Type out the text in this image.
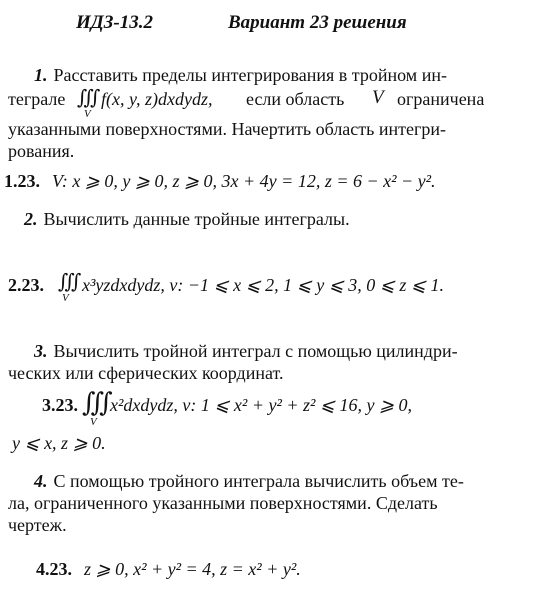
ИДЗ-13.2	Вариант 23 решения
1. Расставить пределы интегрирования в тройном ин-
теграле ∭
V
f(x, y, z)dxdydz, если область V ограничена
указанными поверхностями. Начертить область интегри-
рования.
1.23. V: x ⩾ 0, y ⩾ 0, z ⩾ 0, 3x + 4y = 12, z = 6 − x² − y².
2. Вычислить данные тройные интегралы.
2.23. ∭
V
x³yzdxdydz, v: −1 ⩽ x ⩽ 2, 1 ⩽ y ⩽ 3, 0 ⩽ z ⩽ 1.
3. Вычислить тройной интеграл с помощью цилиндри-
ческих или сферических координат.
3.23. ∭
V
x²dxdydz, v: 1 ⩽ x² + y² + z² ⩽ 16, y ⩾ 0,
y ⩽ x, z ⩾ 0.
4. С помощью тройного интеграла вычислить объем те-
ла, ограниченного указанными поверхностями. Сделать
чертеж.
4.23. z ⩾ 0, x² + y² = 4, z = x² + y².
